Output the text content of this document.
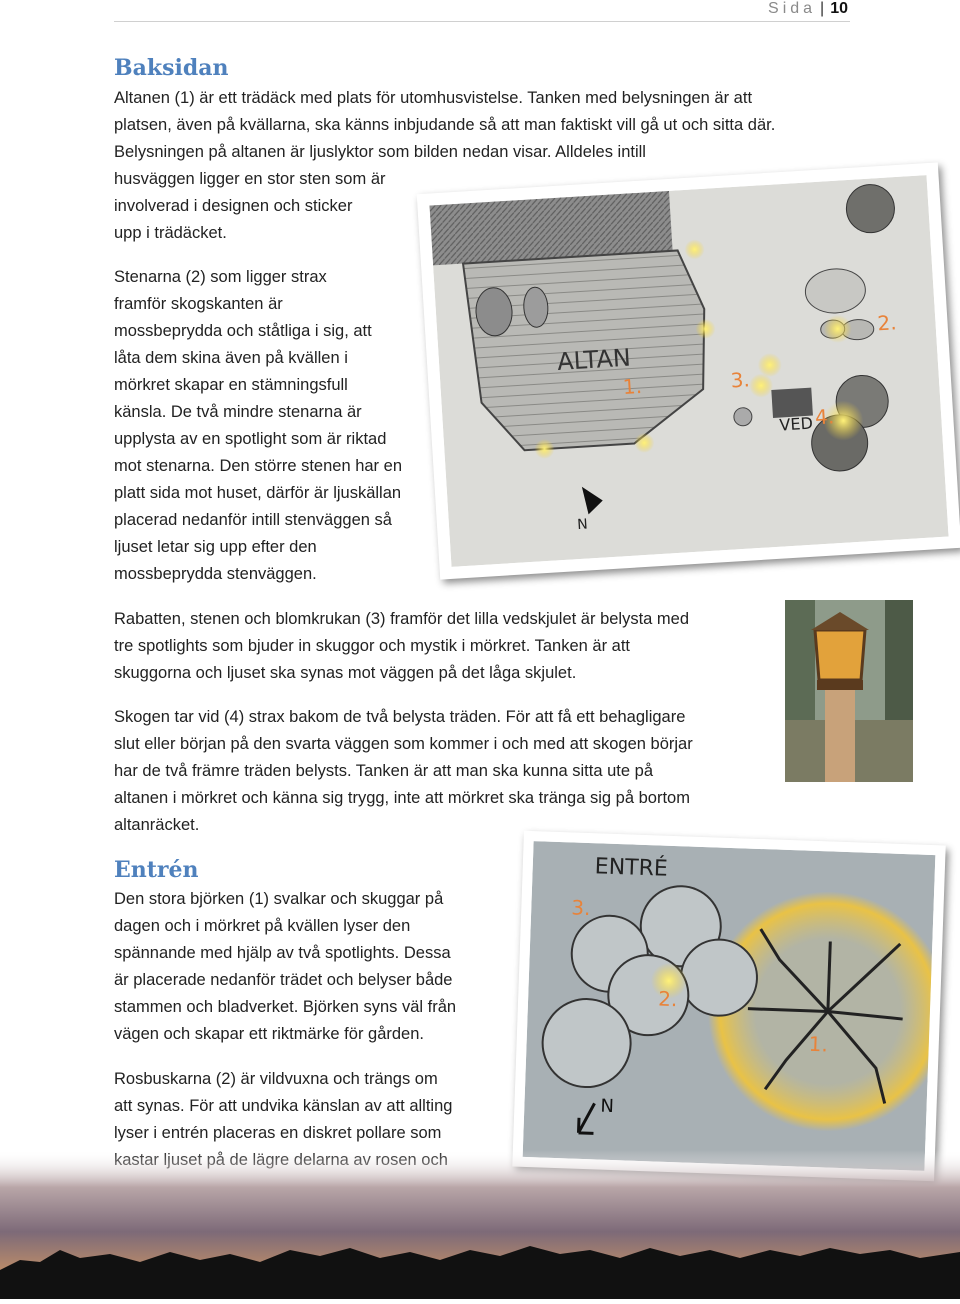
Sida | 10
Baksidan
Altanen (1) är ett trädäck med plats för utomhusvistelse. Tanken med belysningen är att
platsen, även på kvällarna, ska känns inbjudande så att man faktiskt vill gå ut och sitta där.
Belysningen på altanen är ljuslyktor som bilden nedan visar. Alldeles intill
husväggen ligger en stor sten som är
involverad i designen och sticker
upp i trädäcket.
Stenarna (2) som ligger strax
framför skogskanten är
mossbeprydda och ståtliga i sig, att
låta dem skina även på kvällen i
mörkret skapar en stämningsfull
känsla. De två mindre stenarna är
upplysta av en spotlight som är riktad
mot stenarna. Den större stenen har en
platt sida mot huset, därför är ljuskällan
placerad nedanför intill stenväggen så
ljuset letar sig upp efter den
mossbeprydda stenväggen.
Rabatten, stenen och blomkrukan (3) framför det lilla vedskjulet är belysta med
tre spotlights som bjuder in skuggor och mystik i mörkret. Tanken är att
skuggorna och ljuset ska synas mot väggen på det låga skjulet.
Skogen tar vid (4) strax bakom de två belysta träden. För att få ett behagligare
slut eller början på den svarta väggen som kommer i och med att skogen börjar
har de två främre träden belysts. Tanken är att man ska kunna sitta ute på
altanen i mörkret och känna sig trygg, inte att mörkret ska tränga sig på bortom
altanräcket.
Entrén
Den stora björken (1) svalkar och skuggar på
dagen och i mörkret på kvällen lyser den
spännande med hjälp av två spotlights. Dessa
är placerade nedanför trädet och belyser både
stammen och bladverket. Björken syns väl från
vägen och skapar ett riktmärke för gården.
Rosbuskarna (2) är vildvuxna och trängs om
att synas. För att undvika känslan av att allting
lyser i entrén placeras en diskret pollare som
ALTAN
1.
2.
VED
3.
4.
N
ENTRÉ
3.
2.
1.
N
